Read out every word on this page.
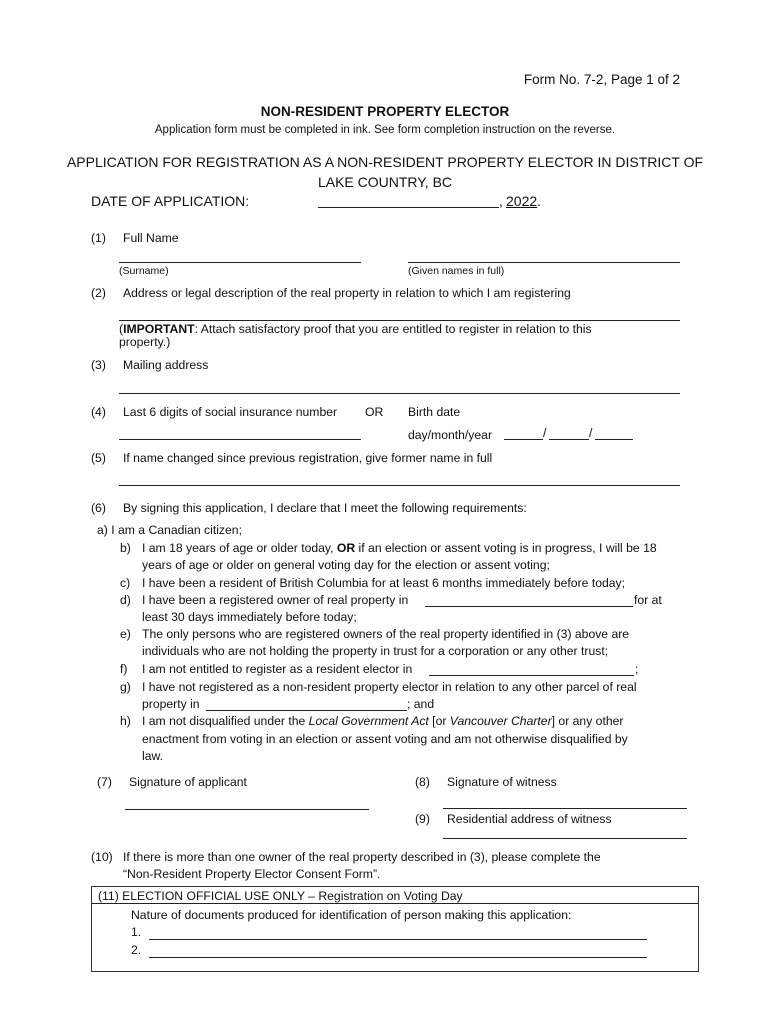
Form No. 7-2, Page 1 of 2
NON-RESIDENT PROPERTY ELECTOR
Application form must be completed in ink. See form completion instruction on the reverse.
APPLICATION FOR REGISTRATION AS A NON-RESIDENT PROPERTY ELECTOR IN DISTRICT OF
LAKE COUNTRY, BC
DATE OF APPLICATION:	, 2022 .
(1) Full Name
(Surname)	(Given names in full)
(2) Address or legal description of the real property in relation to which I am registering
(IMPORTANT: Attach satisfactory proof that you are entitled to register in relation to this
property.)
(3) Mailing address
(4) Last 6 digits of social insurance number OR Birth date
day/month/year	/	/
(5) If name changed since previous registration, give former name in full
(6) By signing this application, I declare that I meet the following requirements:
a) I am a Canadian citizen;
b) I am 18 years of age or older today, OR if an election or assent voting is in progress, I will be 18
years of age or older on general voting day for the election or assent voting;
c) I have been a resident of British Columbia for at least 6 months immediately before today;
d) I have been a registered owner of real property in	for at
least 30 days immediately before today;
e) The only persons who are registered owners of the real property identified in (3) above are
individuals who are not holding the property in trust for a corporation or any other trust;
f) I am not entitled to register as a resident elector in	;
g) I have not registered as a non-resident property elector in relation to any other parcel of real
property in	; and
h) I am not disqualified under the Local Government Act [or Vancouver Charter] or any other
enactment from voting in an election or assent voting and am not otherwise disqualified by
law.
(7) Signature of applicant	(8) Signature of witness
(9) Residential address of witness
(10) If there is more than one owner of the real property described in (3), please complete the
“Non-Resident Property Elector Consent Form”.
(11) ELECTION OFFICIAL USE ONLY – Registration on Voting Day
Nature of documents produced for identification of person making this application:
1.
2.
